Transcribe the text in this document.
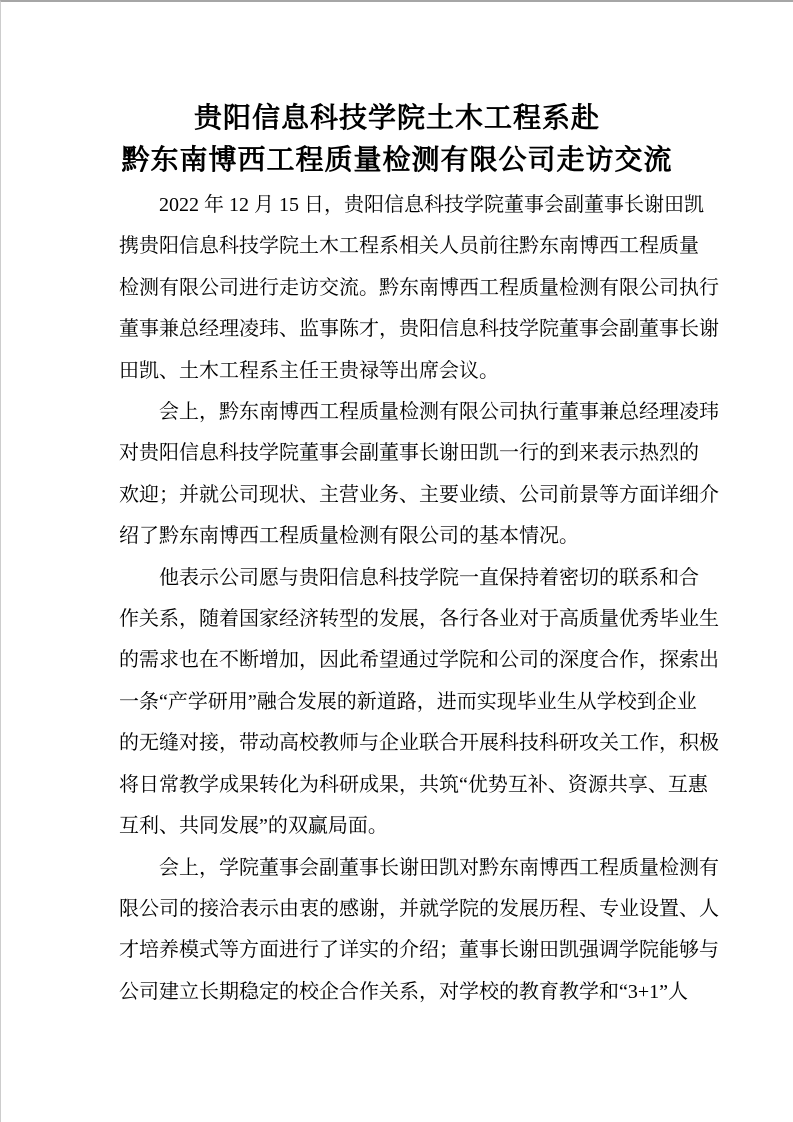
贵阳信息科技学院土木工程系赴
黔东南博西工程质量检测有限公司走访交流
2022 年 12 月 15 日，贵阳信息科技学院董事会副董事长谢田凯
携贵阳信息科技学院土木工程系相关人员前往黔东南博西工程质量
检测有限公司进行走访交流。黔东南博西工程质量检测有限公司执行
董事兼总经理凌玮、监事陈才，贵阳信息科技学院董事会副董事长谢
田凯、土木工程系主任王贵禄等出席会议。
会上，黔东南博西工程质量检测有限公司执行董事兼总经理凌玮
对贵阳信息科技学院董事会副董事长谢田凯一行的到来表示热烈的
欢迎；并就公司现状、主营业务、主要业绩、公司前景等方面详细介
绍了黔东南博西工程质量检测有限公司的基本情况。
他表示公司愿与贵阳信息科技学院一直保持着密切的联系和合
作关系，随着国家经济转型的发展，各行各业对于高质量优秀毕业生
的需求也在不断增加，因此希望通过学院和公司的深度合作，探索出
一条“产学研用”融合发展的新道路，进而实现毕业生从学校到企业
的无缝对接，带动高校教师与企业联合开展科技科研攻关工作，积极
将日常教学成果转化为科研成果，共筑“优势互补、资源共享、互惠
互利、共同发展”的双赢局面。
会上，学院董事会副董事长谢田凯对黔东南博西工程质量检测有
限公司的接洽表示由衷的感谢，并就学院的发展历程、专业设置、人
才培养模式等方面进行了详实的介绍；董事长谢田凯强调学院能够与
公司建立长期稳定的校企合作关系，对学校的教育教学和“3+1”人
